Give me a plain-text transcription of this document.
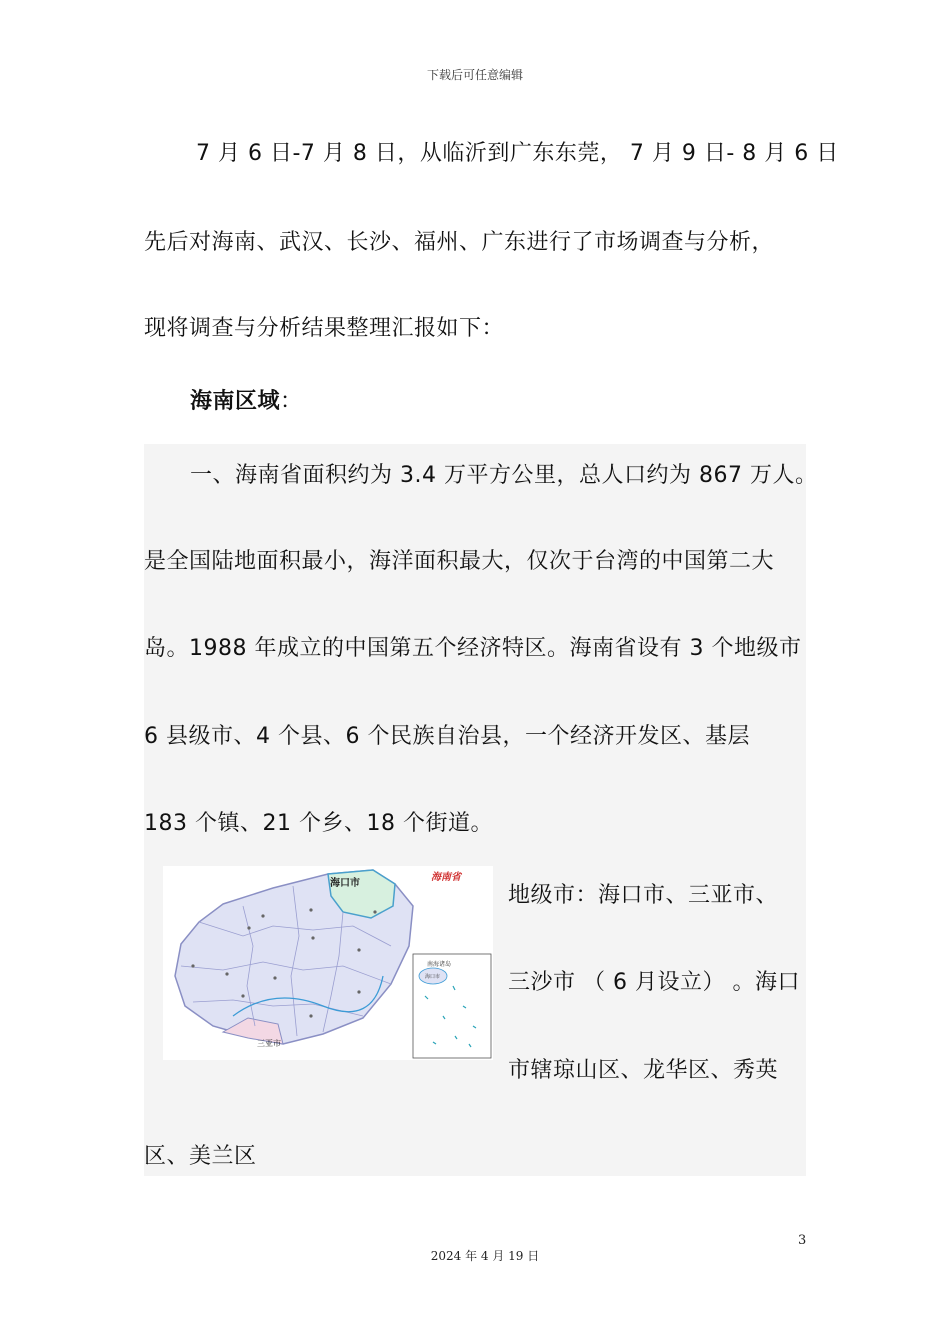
下载后可任意编辑
7 月 6 日-7 月 8 日，从临沂到广东东莞， 7 月 9 日- 8 月 6 日
先后对海南、武汉、长沙、福州、广东进行了市场调查与分析，
现将调查与分析结果整理汇报如下：
海南区域：
一、海南省面积约为 3.4 万平方公里，总人口约为 867 万人。
是全国陆地面积最小，海洋面积最大，仅次于台湾的中国第二大
岛。1988 年成立的中国第五个经济特区。海南省设有 3 个地级市
6 县级市、4 个县、6 个民族自治县，一个经济开发区、基层
183 个镇、21 个乡、18 个街道。
海口市
三亚市
海南省
南海诸岛
海口市
地级市：海口市、三亚市、
三沙市 （ 6 月设立） 。海口
市辖琼山区、龙华区、秀英
区、美兰区
3
2024 年 4 月 19 日
